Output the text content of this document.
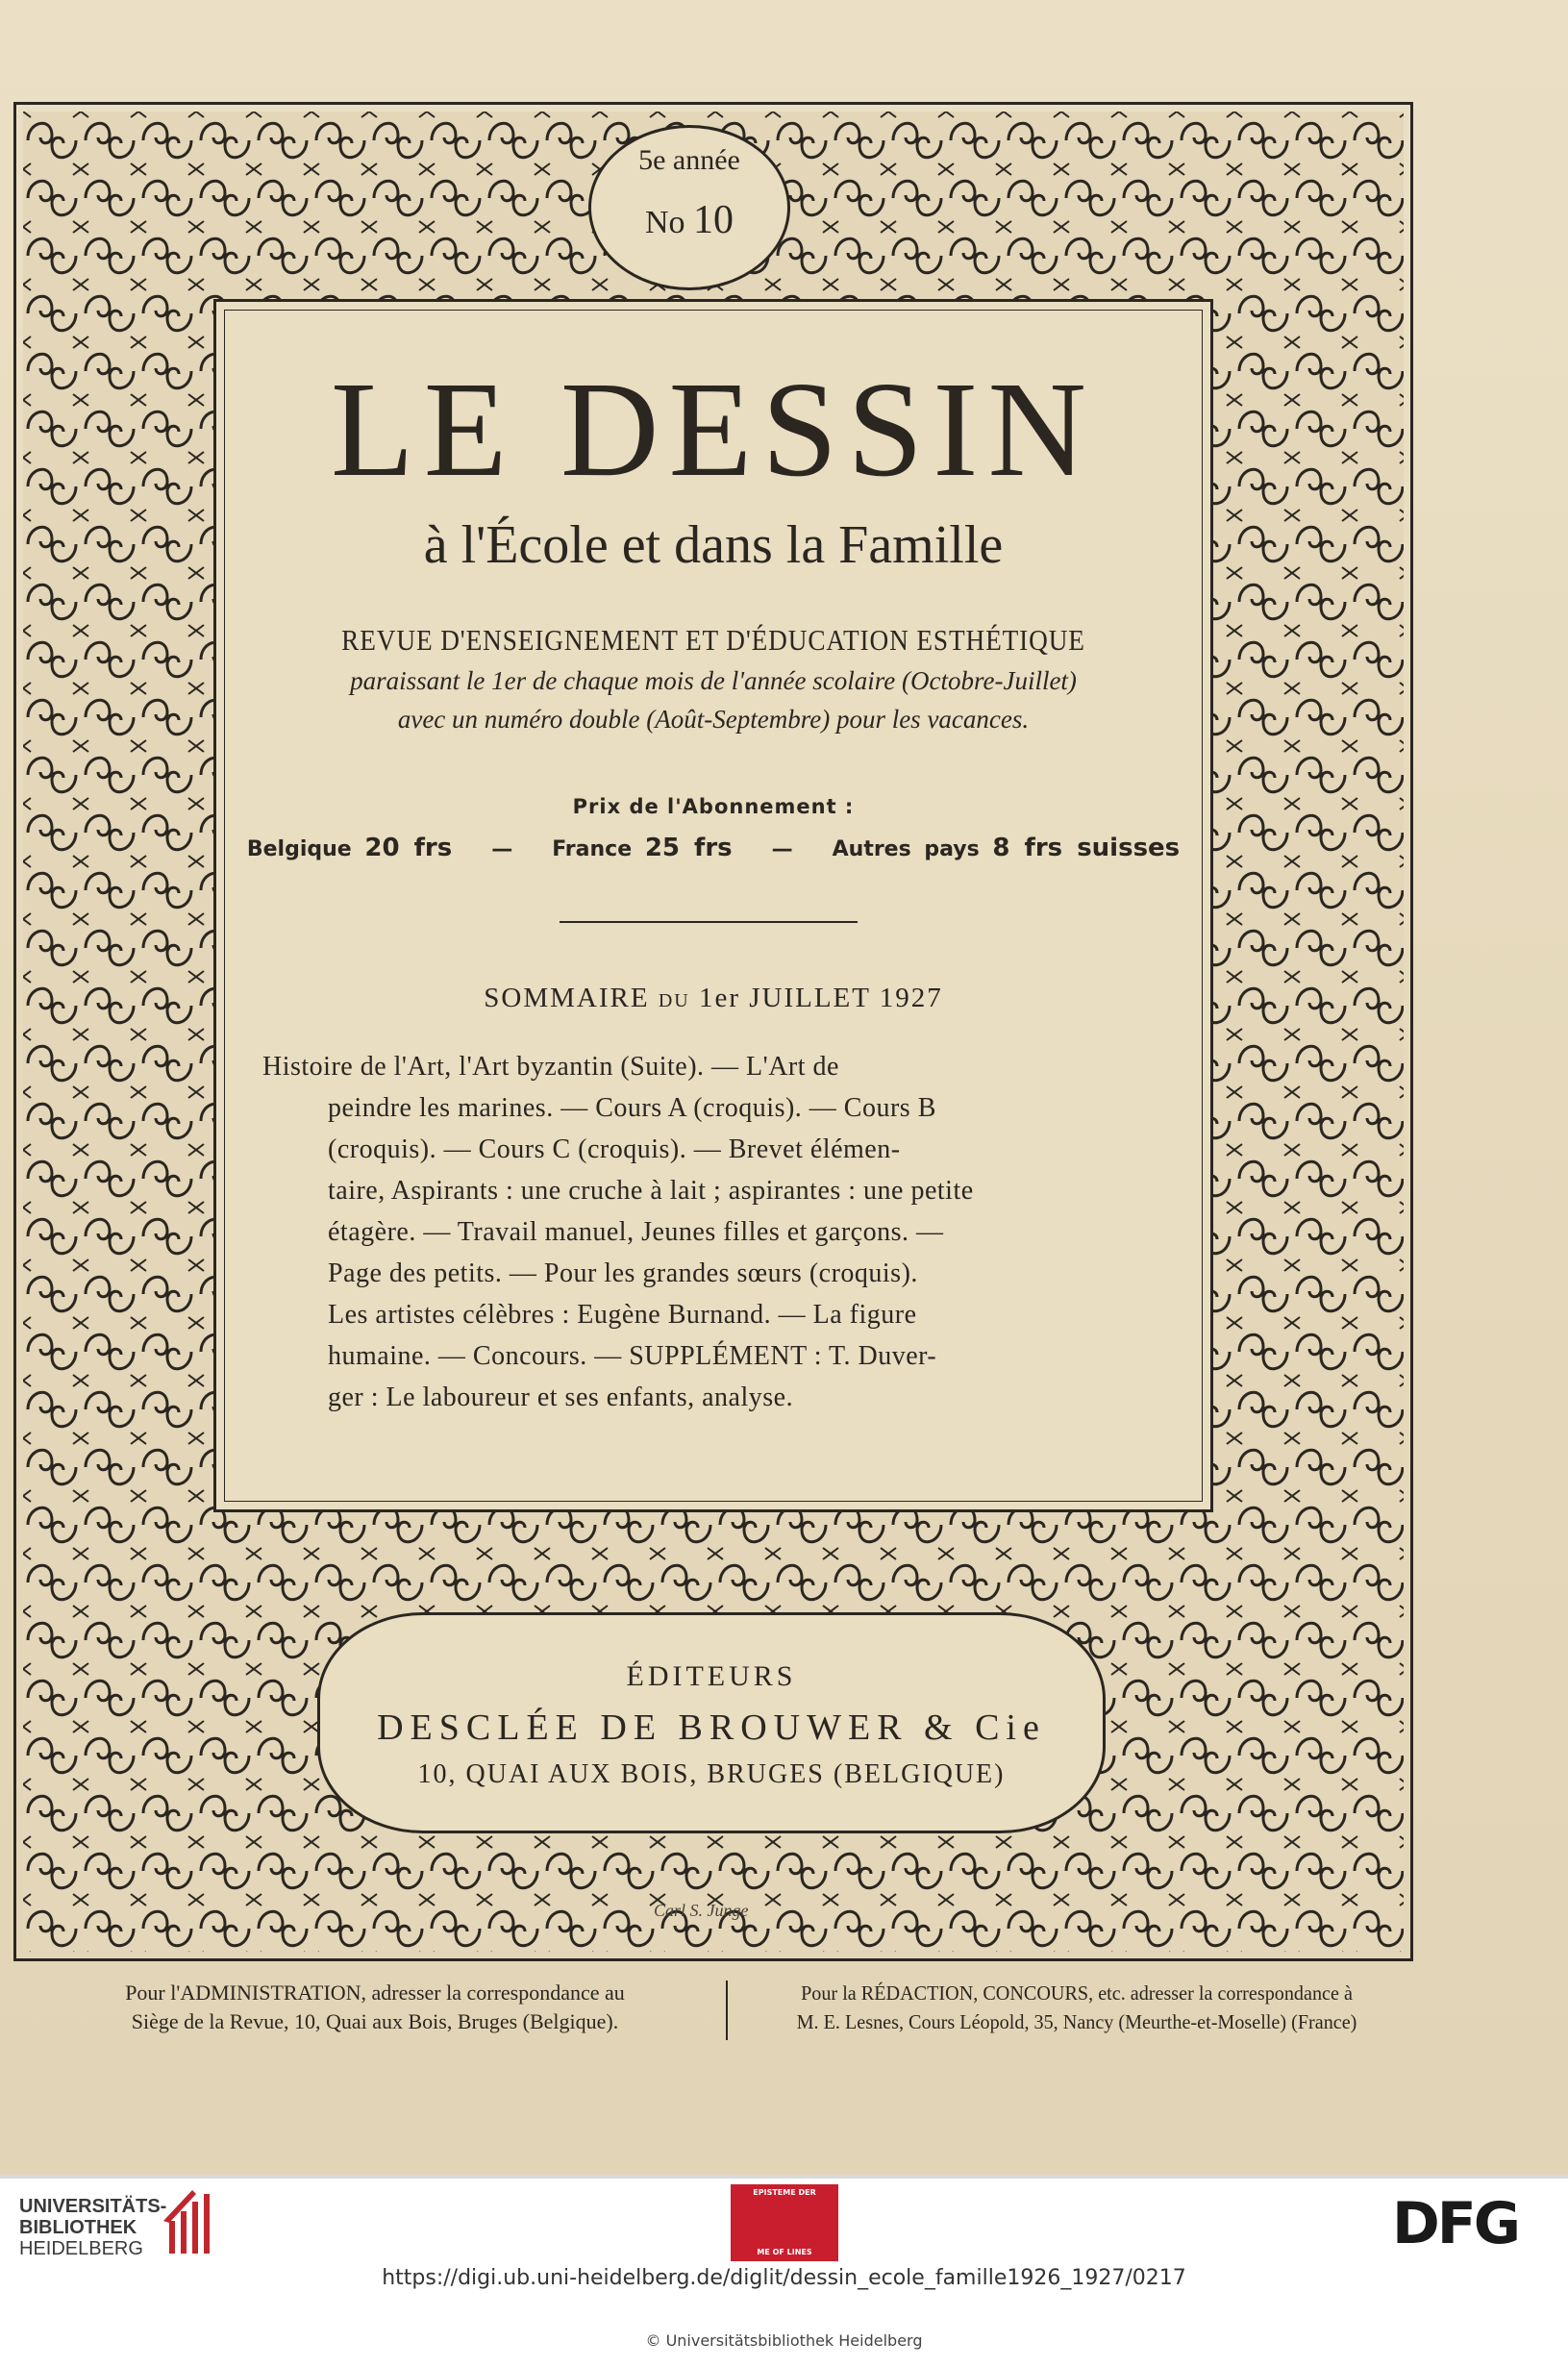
5e année
No 10
LE DESSIN
à l'École et dans la Famille
REVUE D'ENSEIGNEMENT ET D'ÉDUCATION ESTHÉTIQUE
paraissant le 1er de chaque mois de l'année scolaire (Octobre-Juillet)
avec un numéro double (Août-Septembre) pour les vacances.
Prix de l'Abonnement :
Belgique 20 frs — France 25 frs — Autres pays 8 frs suisses
SOMMAIRE du 1er JUILLET 1927
Histoire de l'Art, l'Art byzantin (Suite). — L'Art de
peindre les marines. — Cours A (croquis). — Cours B
(croquis). — Cours C (croquis). — Brevet élémen-
taire, Aspirants : une cruche à lait ; aspirantes : une petite
étagère. — Travail manuel, Jeunes filles et garçons. —
Page des petits. — Pour les grandes sœurs (croquis).
Les artistes célèbres : Eugène Burnand. — La figure
humaine. — Concours. — SUPPLÉMENT : T. Duver-
ger : Le laboureur et ses enfants, analyse.
ÉDITEURS
DESCLÉE DE BROUWER & Cie
10, QUAI AUX BOIS, BRUGES (BELGIQUE)
Carl S. Junge
Pour l'ADMINISTRATION, adresser la correspondance au
Siège de la Revue, 10, Quai aux Bois, Bruges (Belgique).
Pour la RÉDACTION, CONCOURS, etc. adresser la correspondance à
M. E. Lesnes, Cours Léopold, 35, Nancy (Meurthe-et-Moselle) (France)
UNIVERSITÄTS-
BIBLIOTHEK
HEIDELBERG
EPISTEME DER
ME OF LINES	DFG
https://digi.ub.uni-heidelberg.de/diglit/dessin_ecole_famille1926_1927/0217
© Universitätsbibliothek Heidelberg
